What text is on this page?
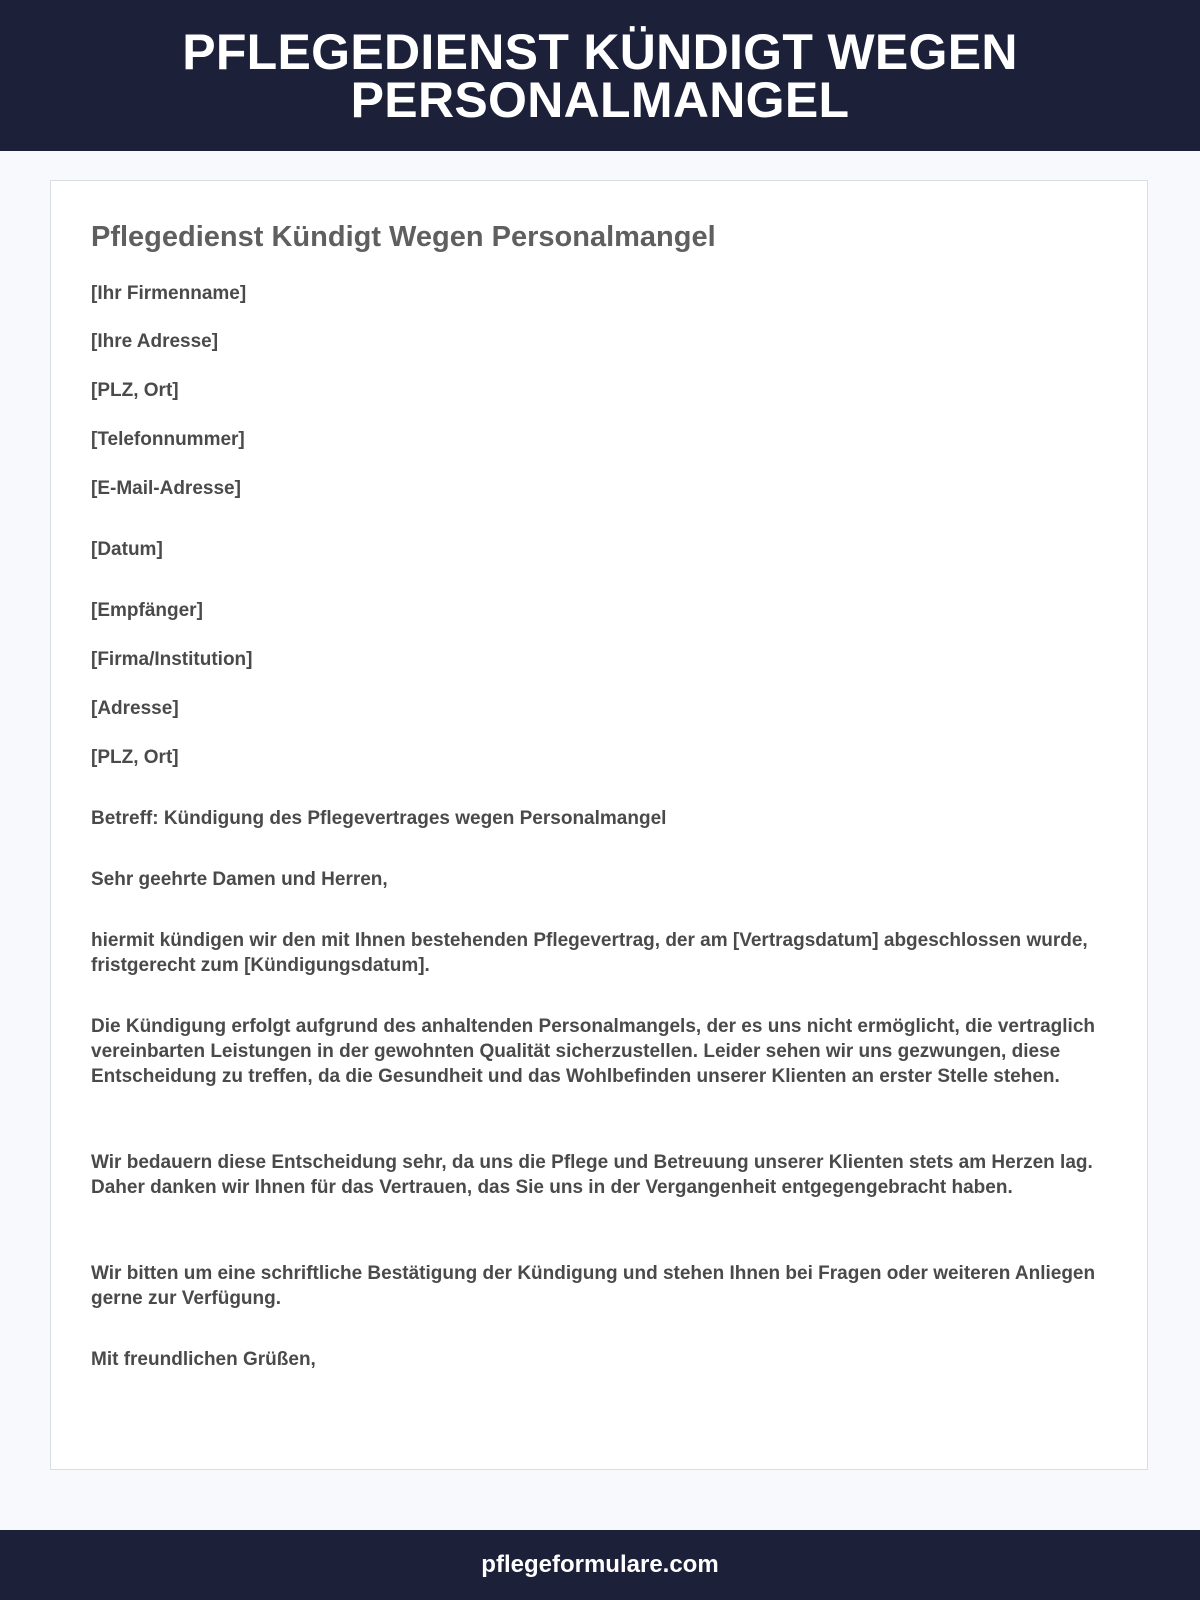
PFLEGEDIENST KÜNDIGT WEGEN PERSONALMANGEL
Pflegedienst Kündigt Wegen Personalmangel

[Ihr Firmenname]

[Ihre Adresse]

[PLZ, Ort]

[Telefonnummer]

[E-Mail-Adresse]

[Datum]

[Empfänger]

[Firma/Institution]

[Adresse]

[PLZ, Ort]

Betreff: Kündigung des Pflegevertrages wegen Personalmangel

Sehr geehrte Damen und Herren,

hiermit kündigen wir den mit Ihnen bestehenden Pflegevertrag, der am [Vertragsdatum] abgeschlossen wurde, fristgerecht zum [Kündigungsdatum].

Die Kündigung erfolgt aufgrund des anhaltenden Personalmangels, der es uns nicht ermöglicht, die vertraglich vereinbarten Leistungen in der gewohnten Qualität sicherzustellen. Leider sehen wir uns gezwungen, diese Entscheidung zu treffen, da die Gesundheit und das Wohlbefinden unserer Klienten an erster Stelle stehen.

Wir bedauern diese Entscheidung sehr, da uns die Pflege und Betreuung unserer Klienten stets am Herzen lag. Daher danken wir Ihnen für das Vertrauen, das Sie uns in der Vergangenheit entgegengebracht haben.

Wir bitten um eine schriftliche Bestätigung der Kündigung und stehen Ihnen bei Fragen oder weiteren Anliegen gerne zur Verfügung.

Mit freundlichen Grüßen,

pflegeformulare.com
